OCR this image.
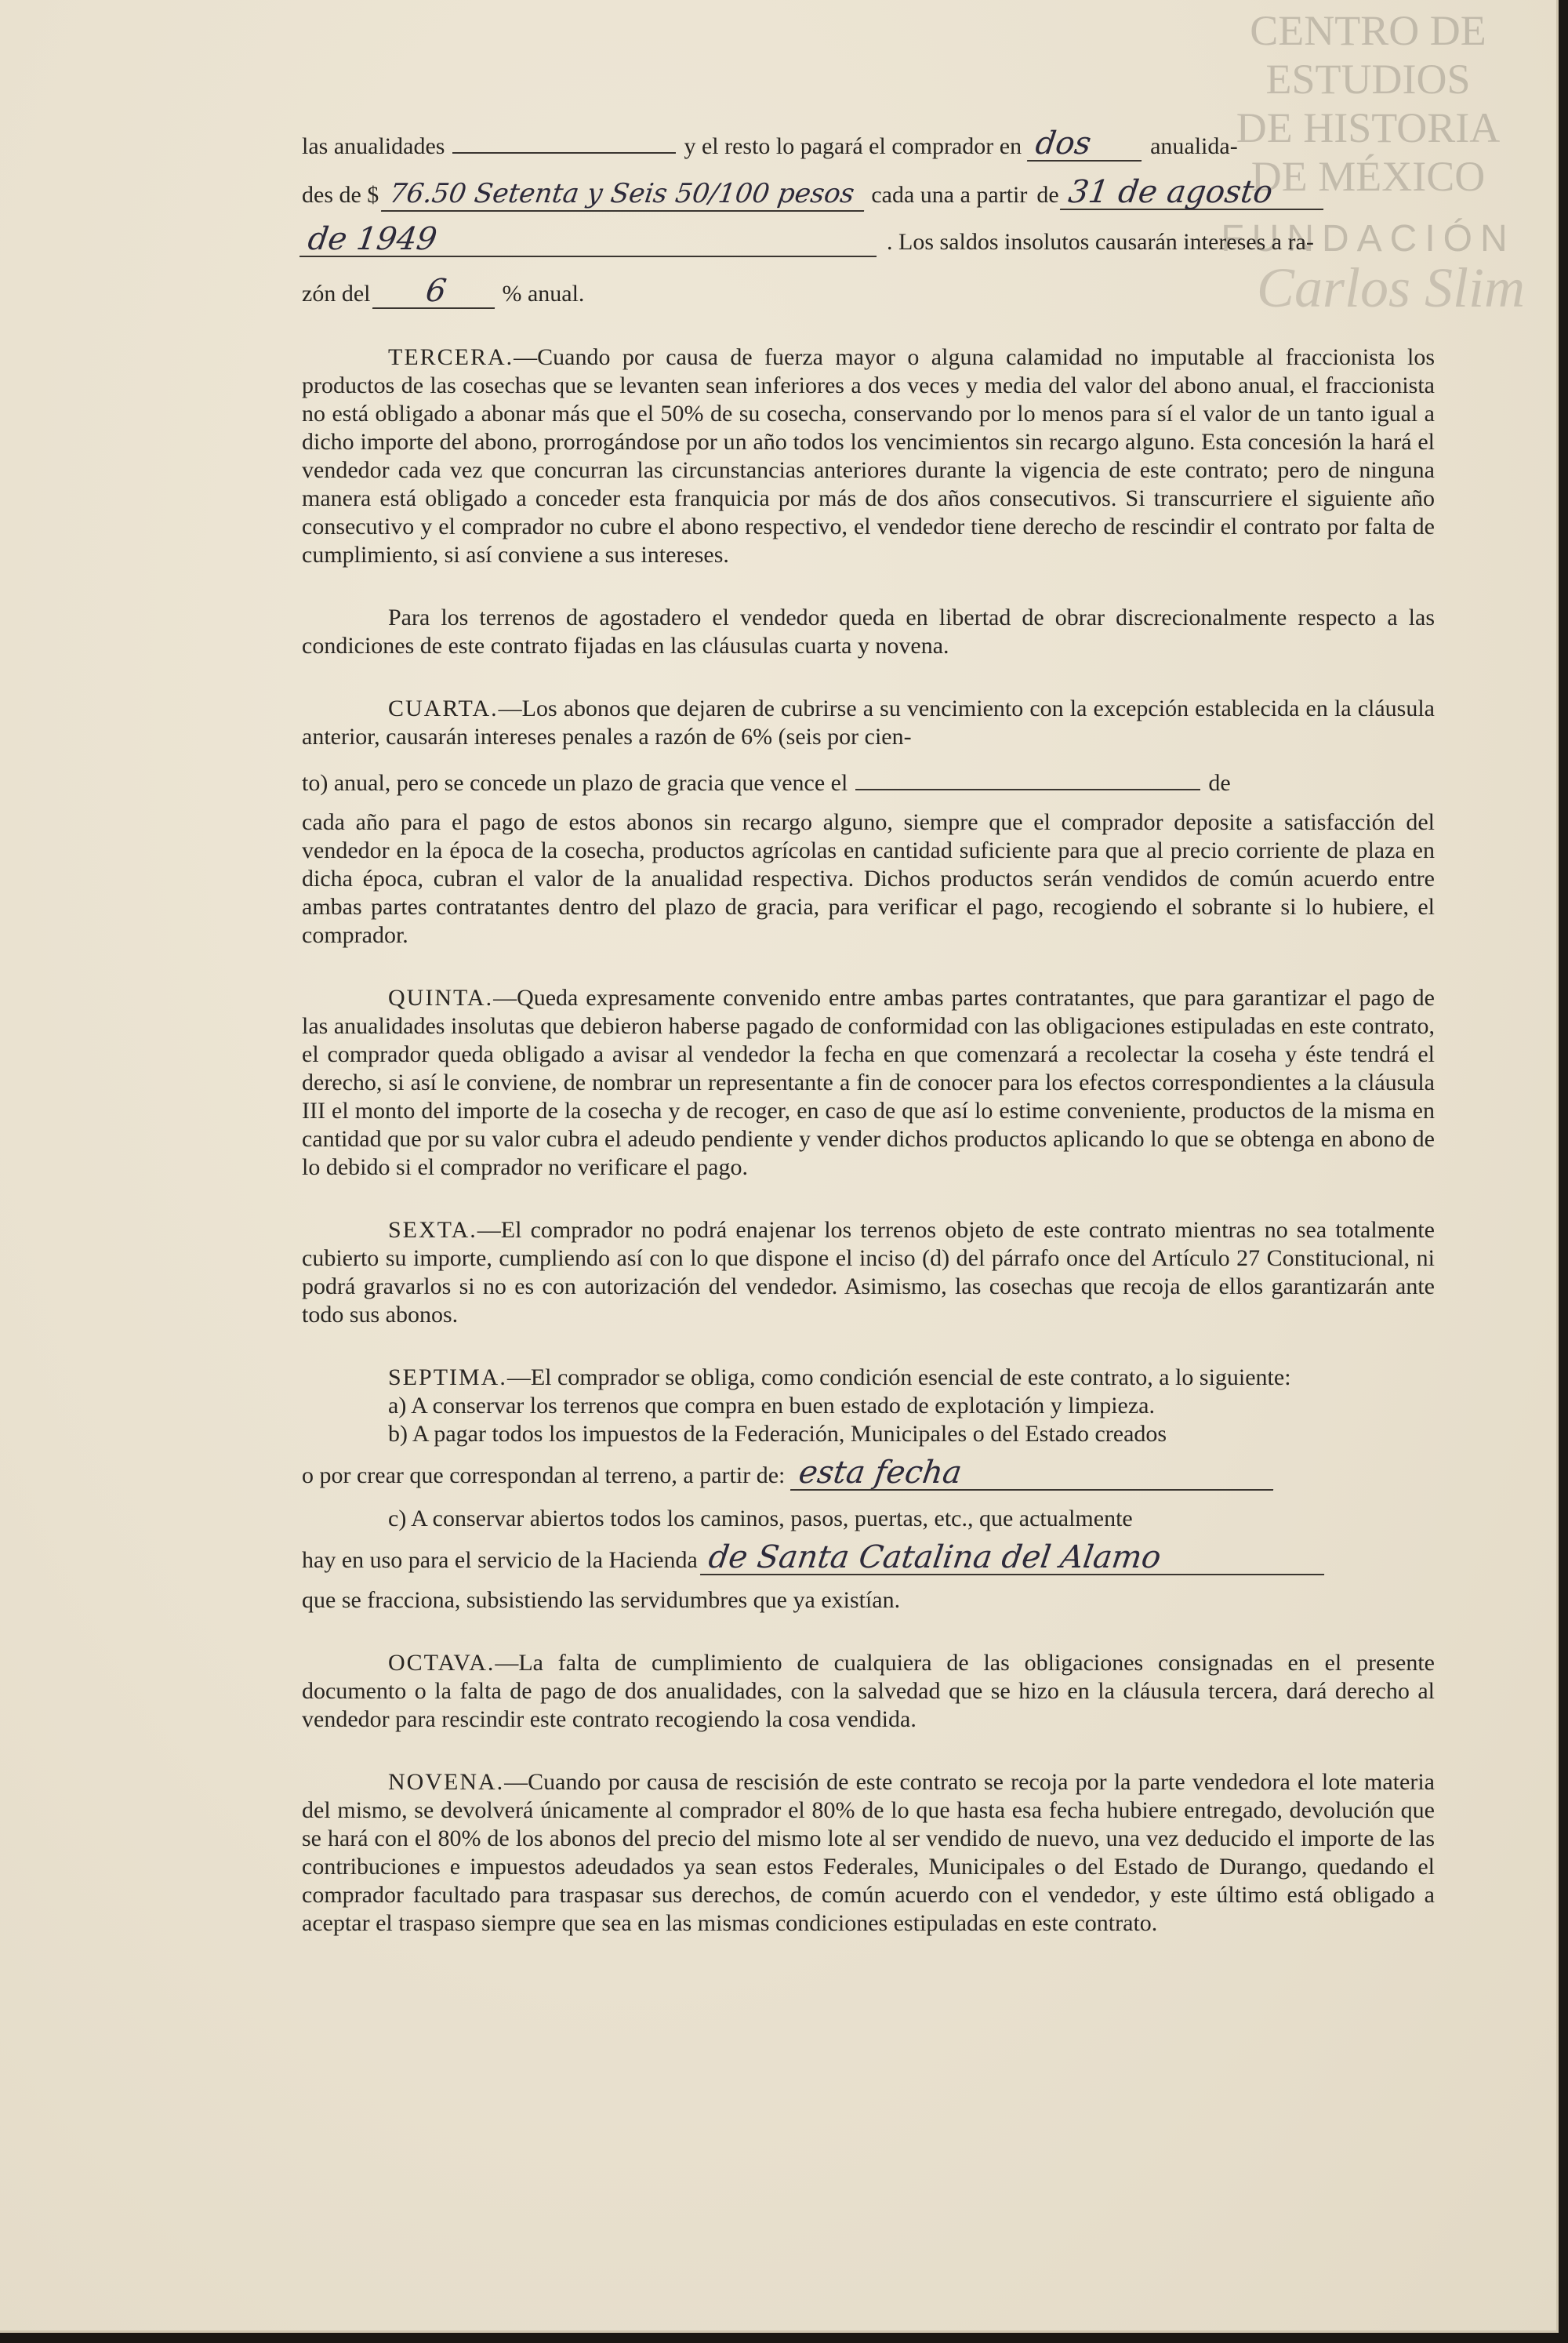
CENTRO DE
ESTUDIOS
DE HISTORIA
DE MÉXICO
FUNDACIÓN
Carlos Slim
las anualidades	y el resto lo pagará el comprador en dos	anualida-
des de $ 76.50 Setenta y Seis 50/100 pesos cada una a partir de 31 de agosto
de 1949	. Los saldos insolutos causarán intereses a ra-
zón del	6	% anual.

TERCERA.—Cuando por causa de fuerza mayor o alguna calamidad no imputable al fraccionista los productos de las cosechas que se levanten sean inferiores a dos veces y media del valor del abono anual, el fraccionista no está obligado a abonar más que el 50% de su cosecha, conservando por lo menos para sí el valor de un tanto igual a dicho importe del abono, prorrogándose por un año todos los vencimientos sin recargo alguno. Esta concesión la hará el vendedor cada vez que concurran las circunstancias anteriores durante la vigencia de este contrato; pero de ninguna manera está obligado a conceder esta franquicia por más de dos años consecutivos. Si transcurriere el siguiente año consecutivo y el comprador no cubre el abono respectivo, el vendedor tiene derecho de rescindir el contrato por falta de cumplimiento, si así conviene a sus intereses.

Para los terrenos de agostadero el vendedor queda en libertad de obrar discrecionalmente respecto a las condiciones de este contrato fijadas en las cláusulas cuarta y novena.

CUARTA.—Los abonos que dejaren de cubrirse a su vencimiento con la excepción establecida en la cláusula anterior, causarán intereses penales a razón de 6% (seis por cien-

to) anual, pero se concede un plazo de gracia que vence el	de

cada año para el pago de estos abonos sin recargo alguno, siempre que el comprador deposite a satisfacción del vendedor en la época de la cosecha, productos agrícolas en cantidad suficiente para que al precio corriente de plaza en dicha época, cubran el valor de la anualidad respectiva. Dichos productos serán vendidos de común acuerdo entre ambas partes contratantes dentro del plazo de gracia, para verificar el pago, recogiendo el sobrante si lo hubiere, el comprador.

QUINTA.—Queda expresamente convenido entre ambas partes contratantes, que para garantizar el pago de las anualidades insolutas que debieron haberse pagado de conformidad con las obligaciones estipuladas en este contrato, el comprador queda obligado a avisar al vendedor la fecha en que comenzará a recolectar la coseha y éste tendrá el derecho, si así le conviene, de nombrar un representante a fin de conocer para los efectos correspondientes a la cláusula III el monto del importe de la cosecha y de recoger, en caso de que así lo estime conveniente, productos de la misma en cantidad que por su valor cubra el adeudo pendiente y vender dichos productos aplicando lo que se obtenga en abono de lo debido si el comprador no verificare el pago.

SEXTA.—El comprador no podrá enajenar los terrenos objeto de este contrato mientras no sea totalmente cubierto su importe, cumpliendo así con lo que dispone el inciso (d) del párrafo once del Artículo 27 Constitucional, ni podrá gravarlos si no es con autorización del vendedor. Asimismo, las cosechas que recoja de ellos garantizarán ante todo sus abonos.

SEPTIMA.—El comprador se obliga, como condición esencial de este contrato, a lo siguiente:

a) A conservar los terrenos que compra en buen estado de explotación y limpieza.

b) A pagar todos los impuestos de la Federación, Municipales o del Estado creados

o por crear que correspondan al terreno, a partir de: esta fecha

c) A conservar abiertos todos los caminos, pasos, puertas, etc., que actualmente

hay en uso para el servicio de la Hacienda de Santa Catalina del Alamo

que se fracciona, subsistiendo las servidumbres que ya existían.

OCTAVA.—La falta de cumplimiento de cualquiera de las obligaciones consignadas en el presente documento o la falta de pago de dos anualidades, con la salvedad que se hizo en la cláusula tercera, dará derecho al vendedor para rescindir este contrato recogiendo la cosa vendida.

NOVENA.—Cuando por causa de rescisión de este contrato se recoja por la parte vendedora el lote materia del mismo, se devolverá únicamente al comprador el 80% de lo que hasta esa fecha hubiere entregado, devolución que se hará con el 80% de los abonos del precio del mismo lote al ser vendido de nuevo, una vez deducido el importe de las contribuciones e impuestos adeudados ya sean estos Federales, Municipales o del Estado de Durango, quedando el comprador facultado para traspasar sus derechos, de común acuerdo con el vendedor, y este último está obligado a aceptar el traspaso siempre que sea en las mismas condiciones estipuladas en este contrato.
